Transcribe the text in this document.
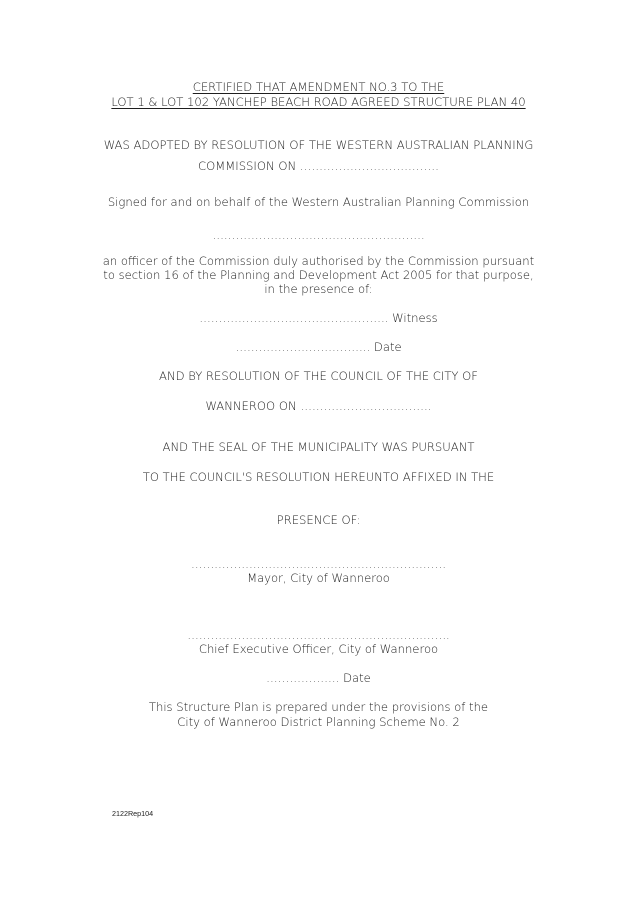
CERTIFIED THAT AMENDMENT NO.3 TO THE
LOT 1 & LOT 102 YANCHEP BEACH ROAD AGREED STRUCTURE PLAN 40
WAS ADOPTED BY RESOLUTION OF THE WESTERN AUSTRALIAN PLANNING
COMMISSION ON ………………………………
Signed for and on behalf of the Western Australian Planning Commission
……………………………………………….
an officer of the Commission duly authorised by the Commission pursuant
to section 16 of the Planning and Development Act 2005 for that purpose,
in the presence of:
…………………………………………. Witness
…………………………….. Date
AND BY RESOLUTION OF THE COUNCIL OF THE CITY OF
WANNEROO ON …………………………….
AND THE SEAL OF THE MUNICIPALITY WAS PURSUANT
TO THE COUNCIL'S RESOLUTION HEREUNTO AFFIXED IN THE
PRESENCE OF:
…………………………………………………………
Mayor, City of Wanneroo
…………………………………………………………..
Chief Executive Officer, City of Wanneroo
………………. Date
This Structure Plan is prepared under the provisions of the
City of Wanneroo District Planning Scheme No. 2
2122Rep104
